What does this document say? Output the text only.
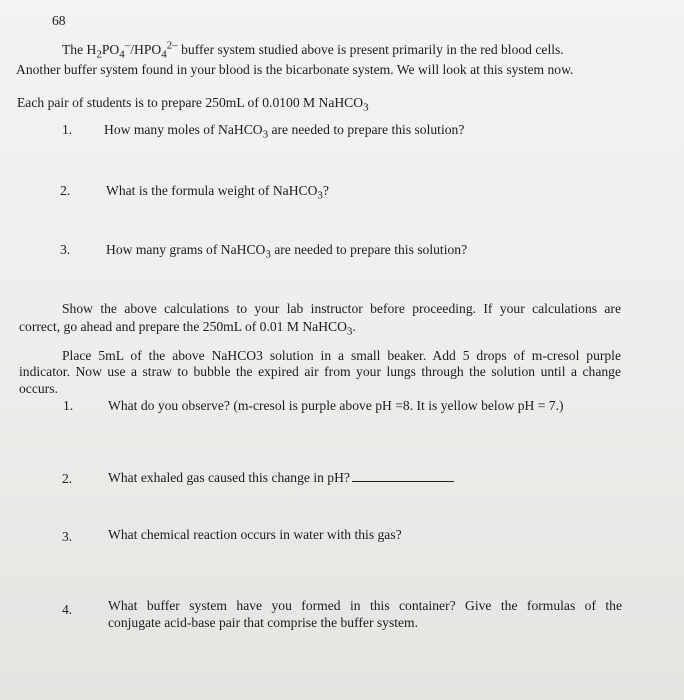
68
The $H_2PO_4^-/HPO_4^{2-}$ buffer system studied above is present primarily in the red blood cells.
Another buffer system found in your blood is the bicarbonate system. We will look at this system now.
Each pair of students is to prepare 250mL of 0.0100 M NaHCO$_3$
1. How many moles of NaHCO$_3$ are needed to prepare this solution?
2.	What is the formula weight of NaHCO$_3$?
3.	How many grams of NaHCO$_3$ are needed to prepare this solution?
Show the above calculations to your lab instructor before proceeding. If your calculations are
correct, go ahead and prepare the 250mL of 0.01 M NaHCO$_3$.
Place 5mL of the above NaHCO3 solution in a small beaker. Add 5 drops of m-cresol purple
indicator. Now use a straw to bubble the expired air from your lungs through the solution until a change
occurs.
1.	What do you observe? (m-cresol is purple above pH =8. It is yellow below pH = 7.)
2.	What exhaled gas caused this change in pH?
3.	What chemical reaction occurs in water with this gas?
4.	What buffer system have you formed in this container? Give the formulas of the
conjugate acid-base pair that comprise the buffer system.
